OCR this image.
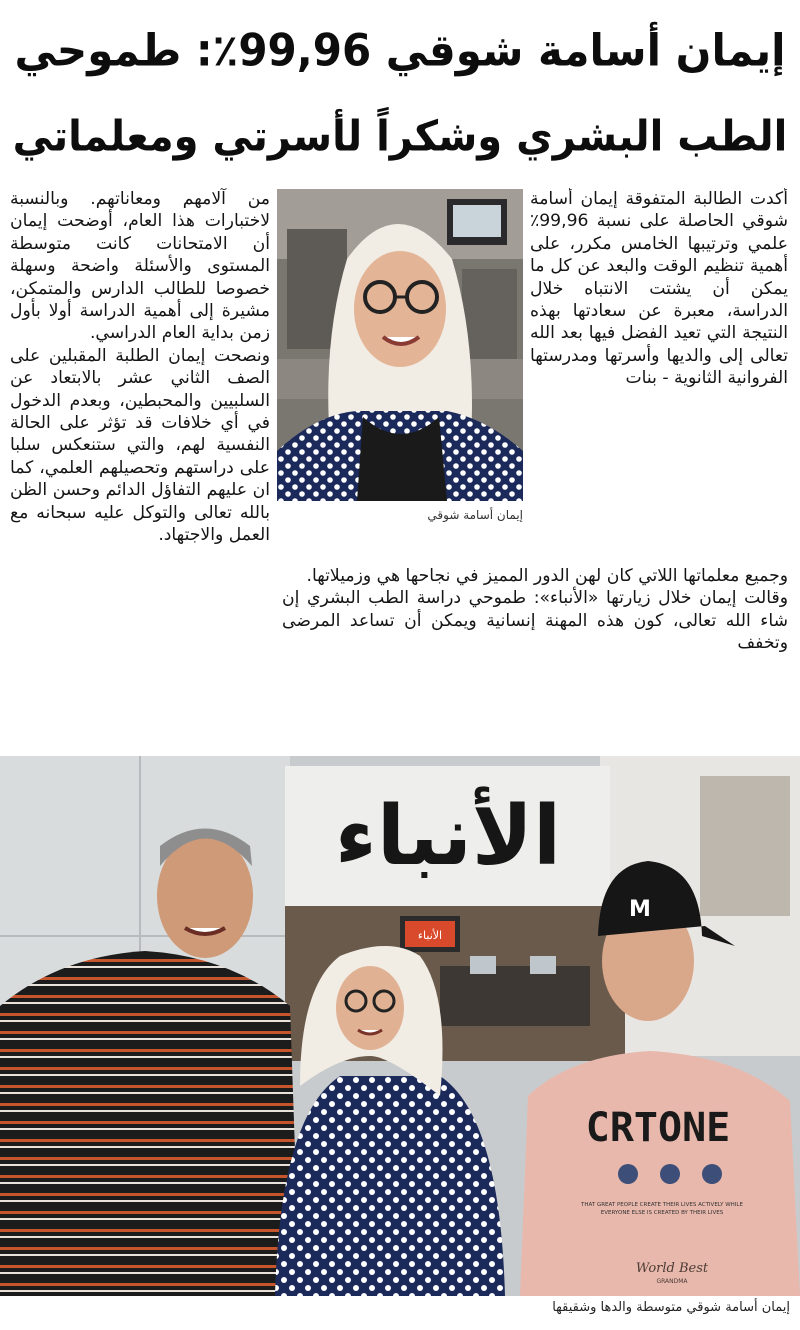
إيمان أسامة شوقي 99,96٪: طموحي
الطب البشري وشكراً لأسرتي ومعلماتي

أكدت الطالبة المتفوقة إيمان أسامة شوقي الحاصلة على نسبة 99,96٪ علمي وترتيبها الخامس مكرر، على أهمية تنظيم الوقت والبعد عن كل ما يمكن أن يشتت الانتباه خلال الدراسة، معبرة عن سعادتها بهذه النتيجة التي تعيد الفضل فيها بعد الله تعالى إلى والديها وأسرتها ومدرستها الفروانية الثانوية - بنات

إيمان أسامة شوقي

من آلامهم ومعاناتهم. وبالنسبة لاختبارات هذا العام، أوضحت إيمان أن الامتحانات كانت متوسطة المستوى والأسئلة واضحة وسهلة خصوصا للطالب الدارس والمتمكن، مشيرة إلى أهمية الدراسة أولا بأول زمن بداية العام الدراسي.

ونصحت إيمان الطلبة المقبلين على الصف الثاني عشر بالابتعاد عن السلبيين والمحبطين، وبعدم الدخول في أي خلافات قد تؤثر على الحالة النفسية لهم، والتي ستنعكس سلبا على دراستهم وتحصيلهم العلمي، كما ان عليهم التفاؤل الدائم وحسن الظن بالله تعالى والتوكل عليه سبحانه مع العمل والاجتهاد.

وجميع معلماتها اللاتي كان لهن الدور المميز في نجاحها هي وزميلاتها.

وقالت إيمان خلال زيارتها «الأنباء»: طموحي دراسة الطب البشري إن شاء الله تعالى، كون هذه المهنة إنسانية ويمكن أن تساعد المرضى وتخفف

الأنباء
الأنباء
M
CRTONE
THAT GREAT PEOPLE CREATE THEIR LIVES ACTIVELY WHILE
EVERYONE ELSE IS CREATED BY THEIR LIVES
World Best
GRANDMA
إيمان أسامة شوقي متوسطة والدها وشقيقها
